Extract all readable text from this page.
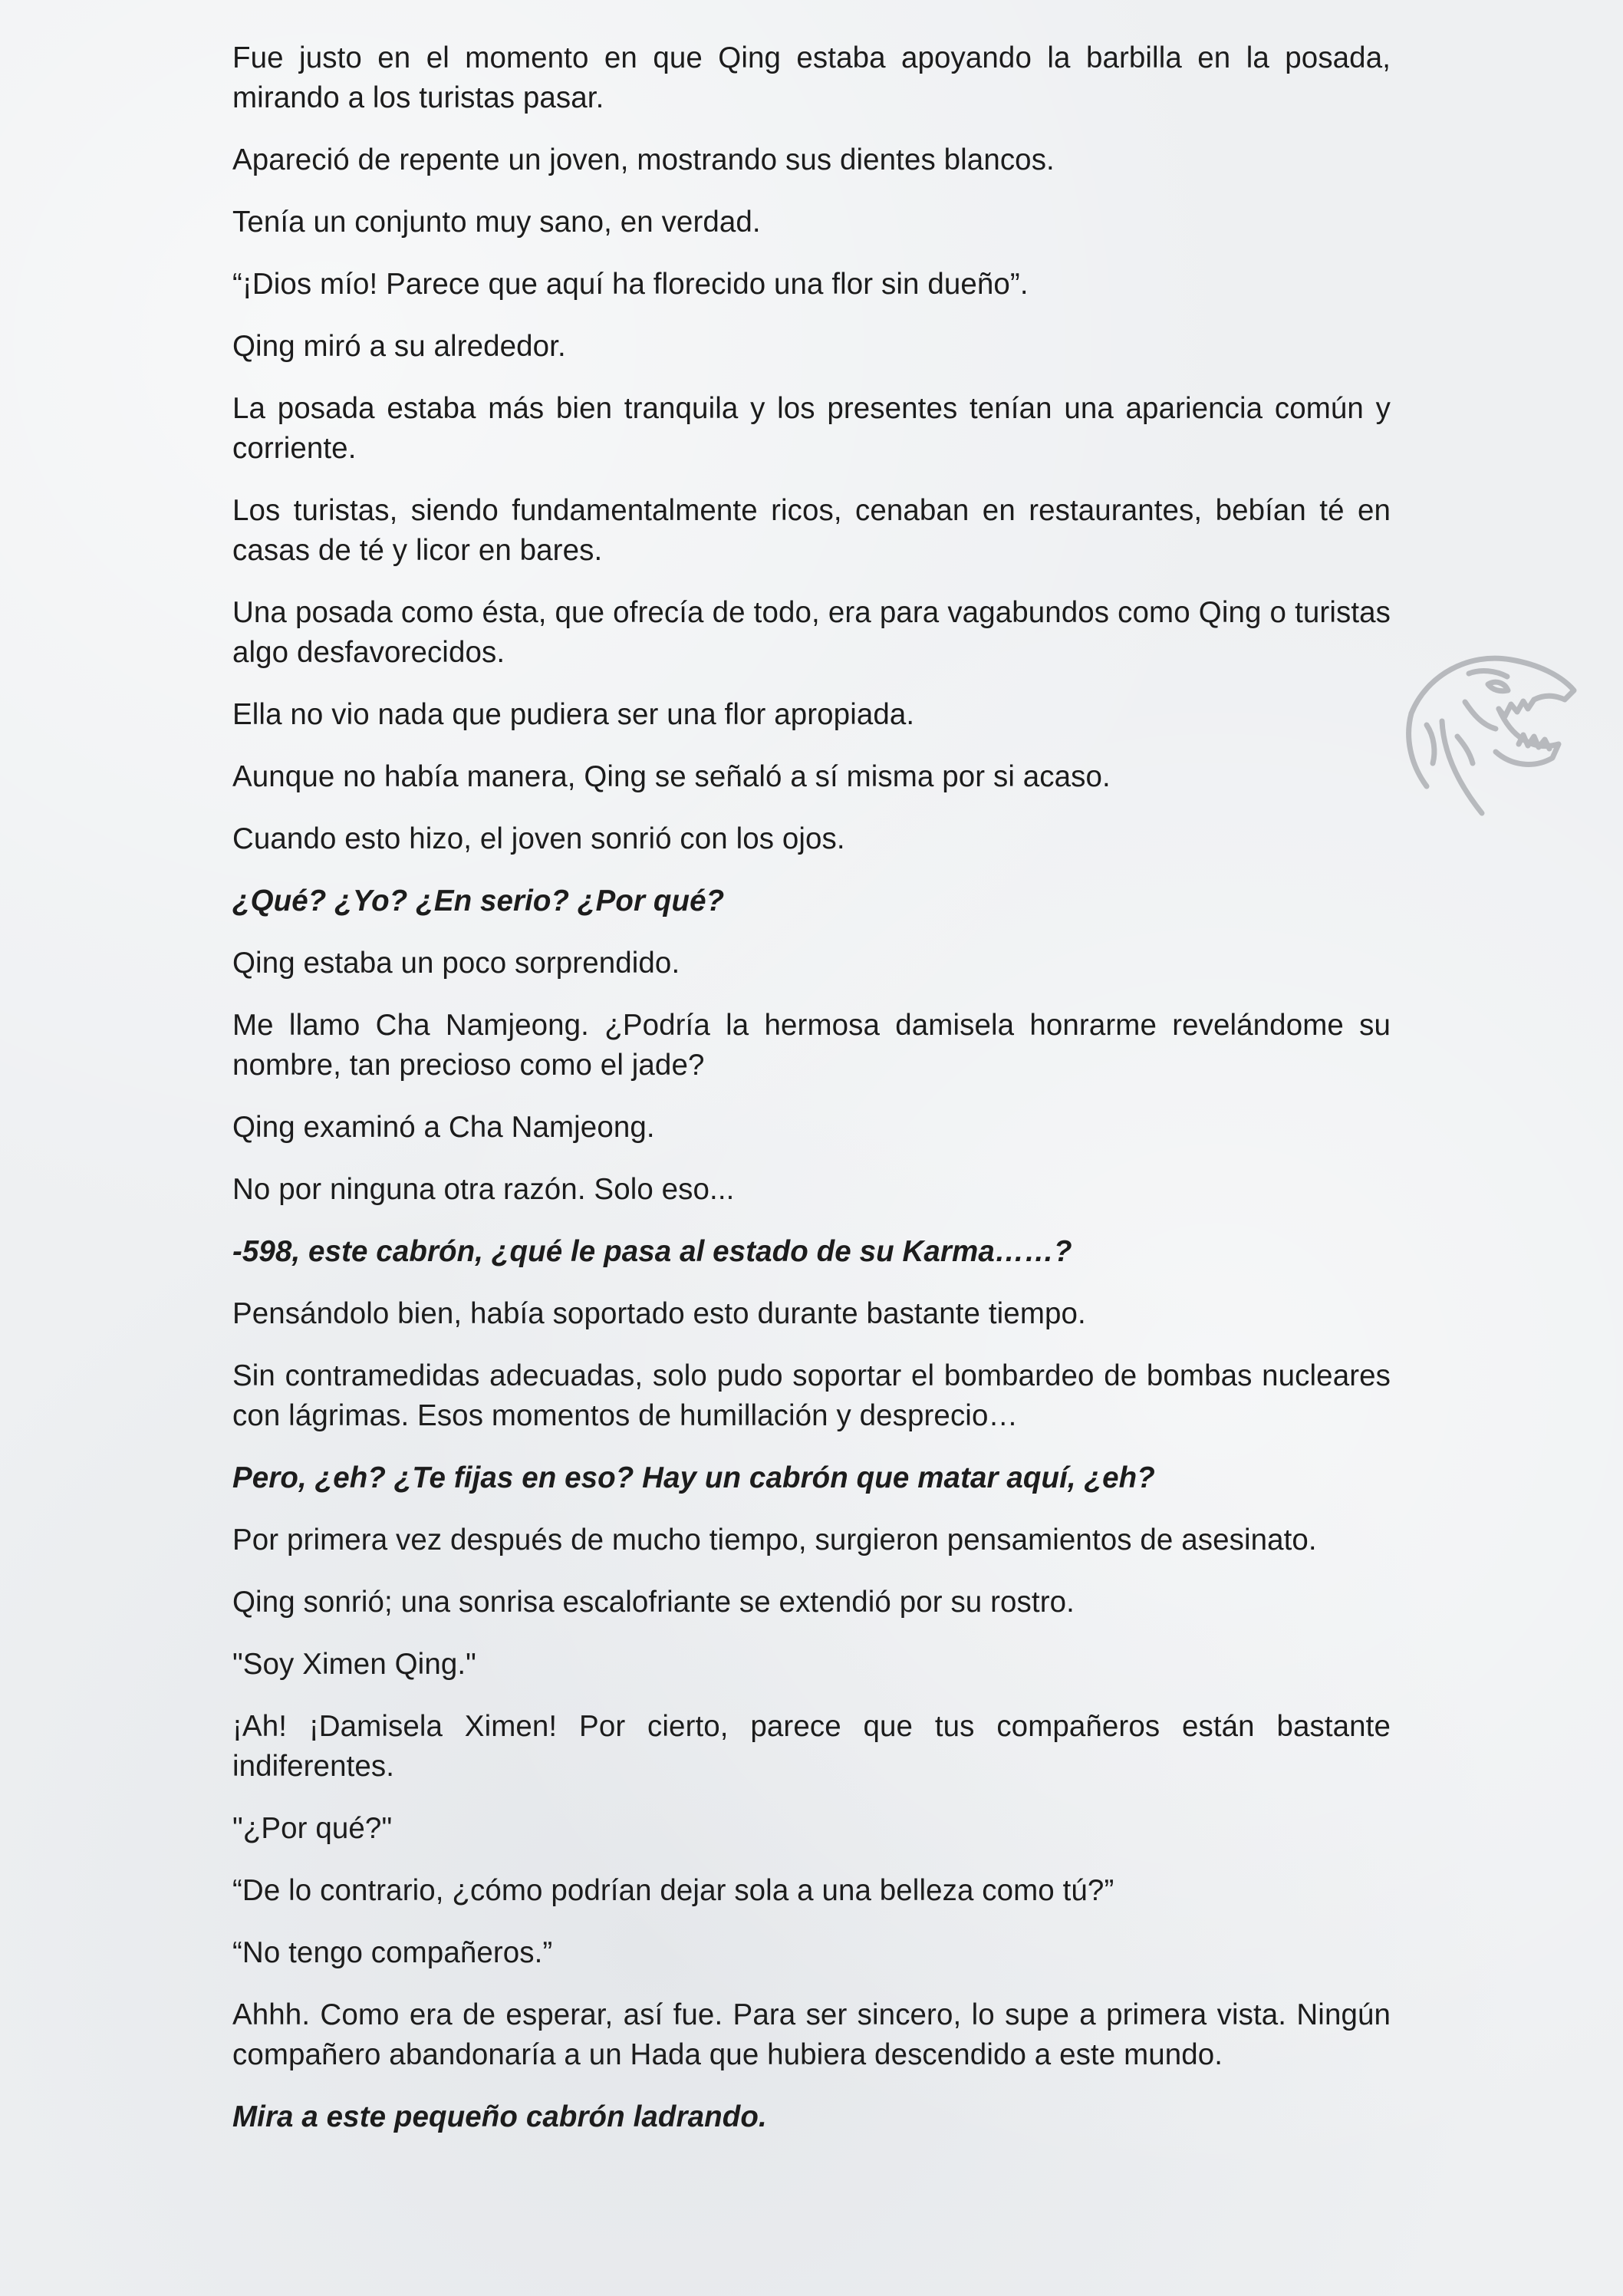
Fue justo en el momento en que Qing estaba apoyando la barbilla en la posada, mirando a los turistas pasar.

Apareció de repente un joven, mostrando sus dientes blancos.

Tenía un conjunto muy sano, en verdad.

“¡Dios mío! Parece que aquí ha florecido una flor sin dueño”.

Qing miró a su alrededor.

La posada estaba más bien tranquila y los presentes tenían una apariencia común y corriente.

Los turistas, siendo fundamentalmente ricos, cenaban en restaurantes, bebían té en casas de té y licor en bares.

Una posada como ésta, que ofrecía de todo, era para vagabundos como Qing o turistas algo desfavorecidos.

Ella no vio nada que pudiera ser una flor apropiada.

Aunque no había manera, Qing se señaló a sí misma por si acaso.

Cuando esto hizo, el joven sonrió con los ojos.

¿Qué? ¿Yo? ¿En serio? ¿Por qué?

Qing estaba un poco sorprendido.

Me llamo Cha Namjeong. ¿Podría la hermosa damisela honrarme revelándome su nombre, tan precioso como el jade?

Qing examinó a Cha Namjeong.

No por ninguna otra razón. Solo eso...

-598, este cabrón, ¿qué le pasa al estado de su Karma……?

Pensándolo bien, había soportado esto durante bastante tiempo.

Sin contramedidas adecuadas, solo pudo soportar el bombardeo de bombas nucleares con lágrimas. Esos momentos de humillación y desprecio…

Pero, ¿eh? ¿Te fijas en eso? Hay un cabrón que matar aquí, ¿eh?

Por primera vez después de mucho tiempo, surgieron pensamientos de asesinato.

Qing sonrió; una sonrisa escalofriante se extendió por su rostro.

"Soy Ximen Qing."

¡Ah! ¡Damisela Ximen! Por cierto, parece que tus compañeros están bastante indiferentes.

"¿Por qué?"

“De lo contrario, ¿cómo podrían dejar sola a una belleza como tú?”

“No tengo compañeros.”

Ahhh. Como era de esperar, así fue. Para ser sincero, lo supe a primera vista. Ningún compañero abandonaría a un Hada que hubiera descendido a este mundo.

Mira a este pequeño cabrón ladrando.
